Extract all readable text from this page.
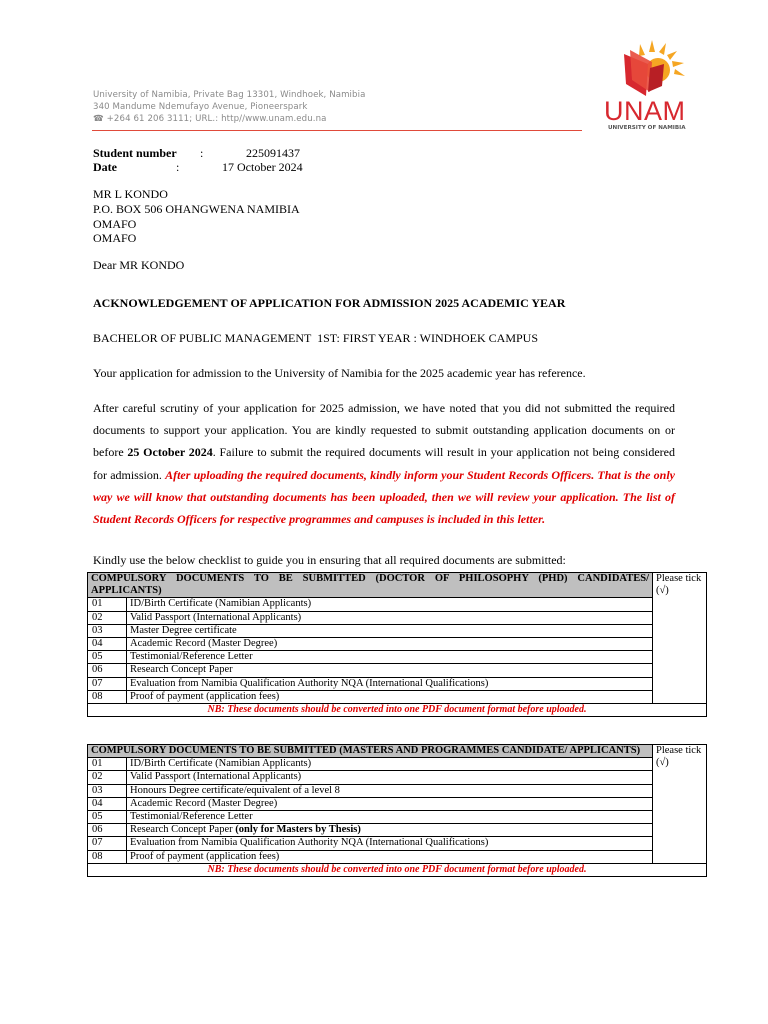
University of Namibia, Private Bag 13301, Windhoek, Namibia
340 Mandume Ndemufayo Avenue, Pioneerspark
☎ +264 61 206 3111; URL.: http//www.unam.edu.na	UNAM
UNIVERSITY OF NAMIBIA
Student number :	225091437
Date	:	17 October 2024
MR L KONDO
P.O. BOX 506 OHANGWENA NAMIBIA
OMAFO
OMAFO
Dear MR KONDO
ACKNOWLEDGEMENT OF APPLICATION FOR ADMISSION 2025 ACADEMIC YEAR
BACHELOR OF PUBLIC MANAGEMENT  1ST: FIRST YEAR : WINDHOEK CAMPUS
Your application for admission to the University of Namibia for the 2025 academic year has reference.
After careful scrutiny of your application for 2025 admission, we have noted that you did not submitted the required documents to support your application. You are kindly requested to submit outstanding application documents on or before 25 October 2024. Failure to submit the required documents will result in your application not being considered for admission. After uploading the required documents, kindly inform your Student Records Officers. That is the only way we will know that outstanding documents has been uploaded, then we will review your application. The list of Student Records Officers for respective programmes and campuses is included in this letter.
Kindly use the below checklist to guide you in ensuring that all required documents are submitted:
COMPULSORY DOCUMENTS TO BE SUBMITTED (DOCTOR OF PHILOSOPHY (PHD) CANDIDATES/ APPLICANTS)		Please tick (√)
01	ID/Birth Certificate (Namibian Applicants)	
02	Valid Passport (International Applicants)	
03	Master Degree certificate	
04	Academic Record (Master Degree)	
05	Testimonial/Reference Letter	
06	Research Concept Paper	
07	Evaluation from Namibia Qualification Authority NQA (International Qualifications)	
08	Proof of payment (application fees)	
NB: These documents should be converted into one PDF document format before uploaded.		
COMPULSORY DOCUMENTS TO BE SUBMITTED (MASTERS AND PROGRAMMES CANDIDATE/ APPLICANTS)		Please tick (√)
01	ID/Birth Certificate (Namibian Applicants)	
02	Valid Passport (International Applicants)	
03	Honours Degree certificate/equivalent of a level 8	
04	Academic Record (Master Degree)	
05	Testimonial/Reference Letter	
06	Research Concept Paper (only for Masters by Thesis)	
07	Evaluation from Namibia Qualification Authority NQA (International Qualifications)	
08	Proof of payment (application fees)	
NB: These documents should be converted into one PDF document format before uploaded.		
